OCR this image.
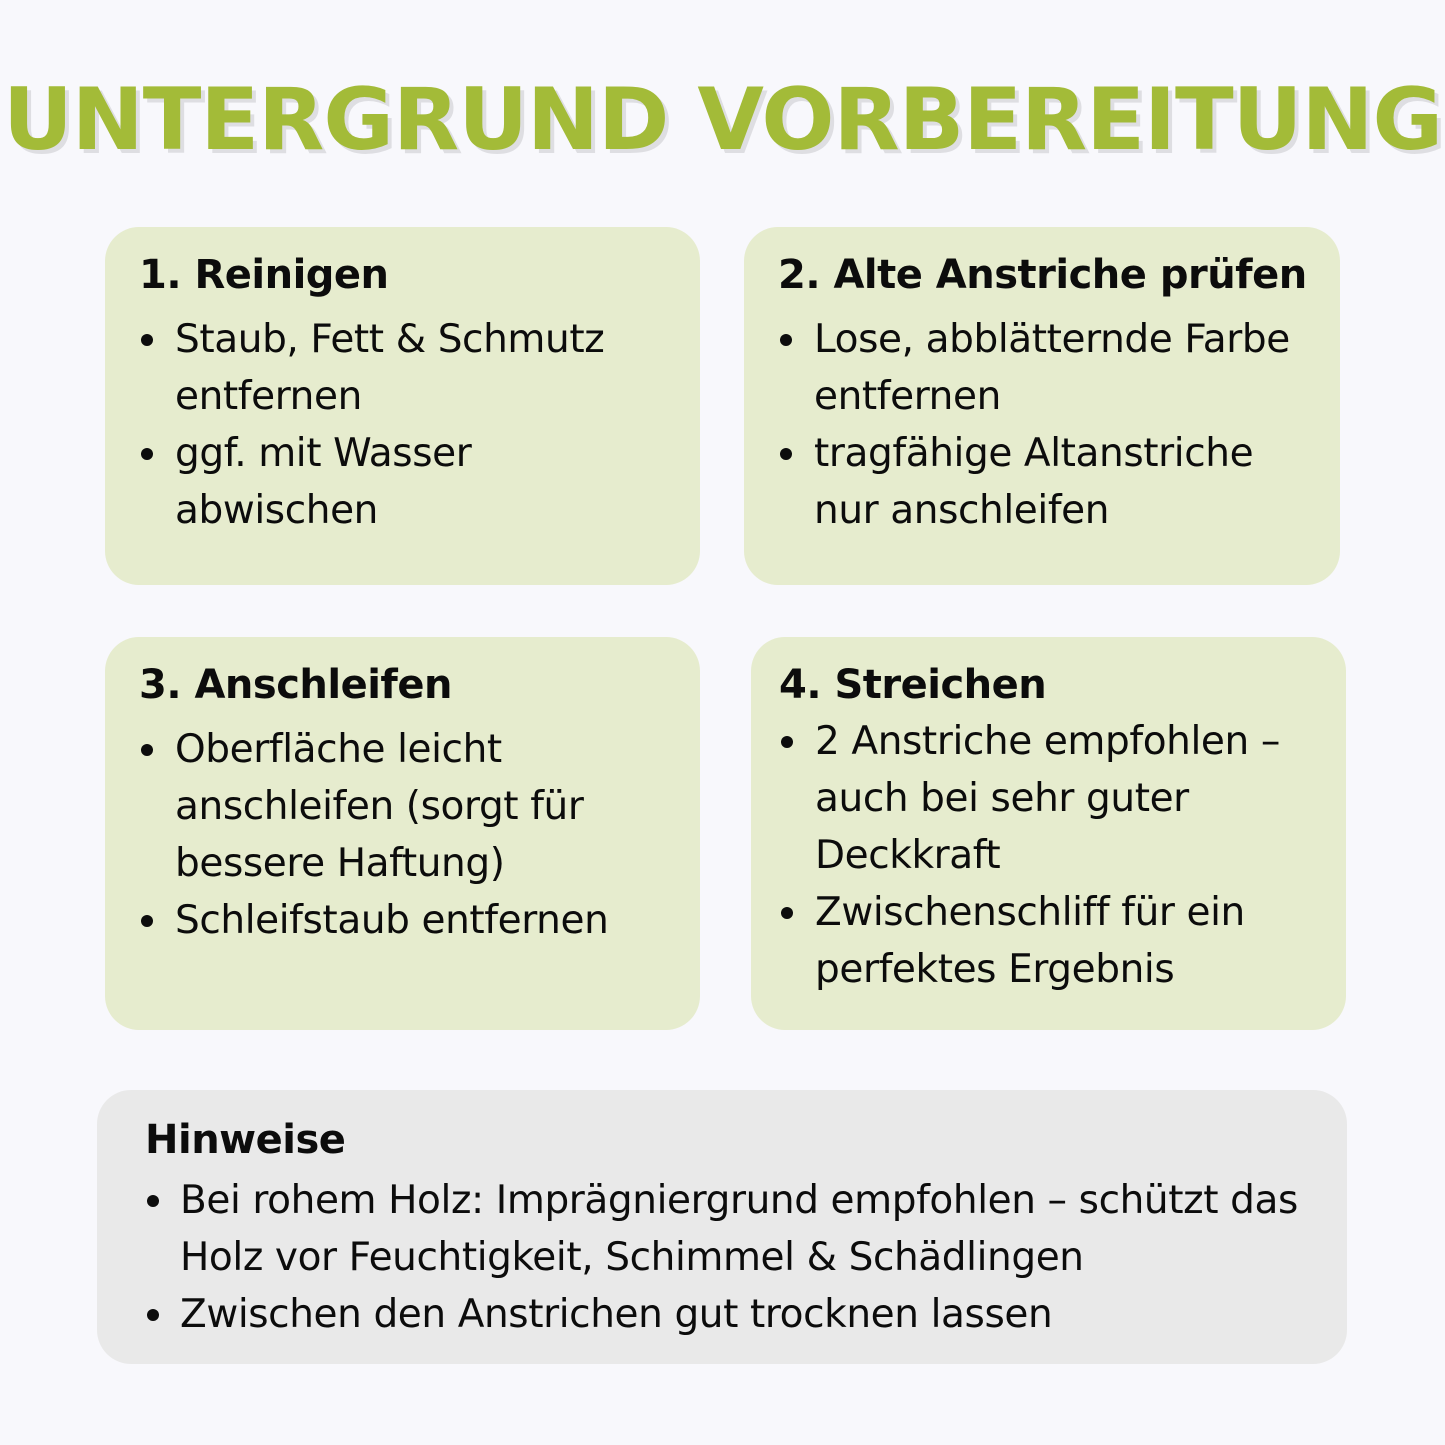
UNTERGRUND VORBEREITUNG
1. Reinigen
Staub, Fett & Schmutz entfernen
ggf. mit Wasser abwischen
2. Alte Anstriche prüfen
Lose, abblätternde Farbe entfernen
tragfähige Altanstriche nur anschleifen
3. Anschleifen
Oberfläche leicht anschleifen (sorgt für bessere Haftung)
Schleifstaub entfernen
4. Streichen
2 Anstriche empfohlen – auch bei sehr guter Deckkraft
Zwischenschliff für ein perfektes Ergebnis
Hinweise
Bei rohem Holz: Imprägniergrund empfohlen – schützt das Holz vor Feuchtigkeit, Schimmel & Schädlingen
Zwischen den Anstrichen gut trocknen lassen
